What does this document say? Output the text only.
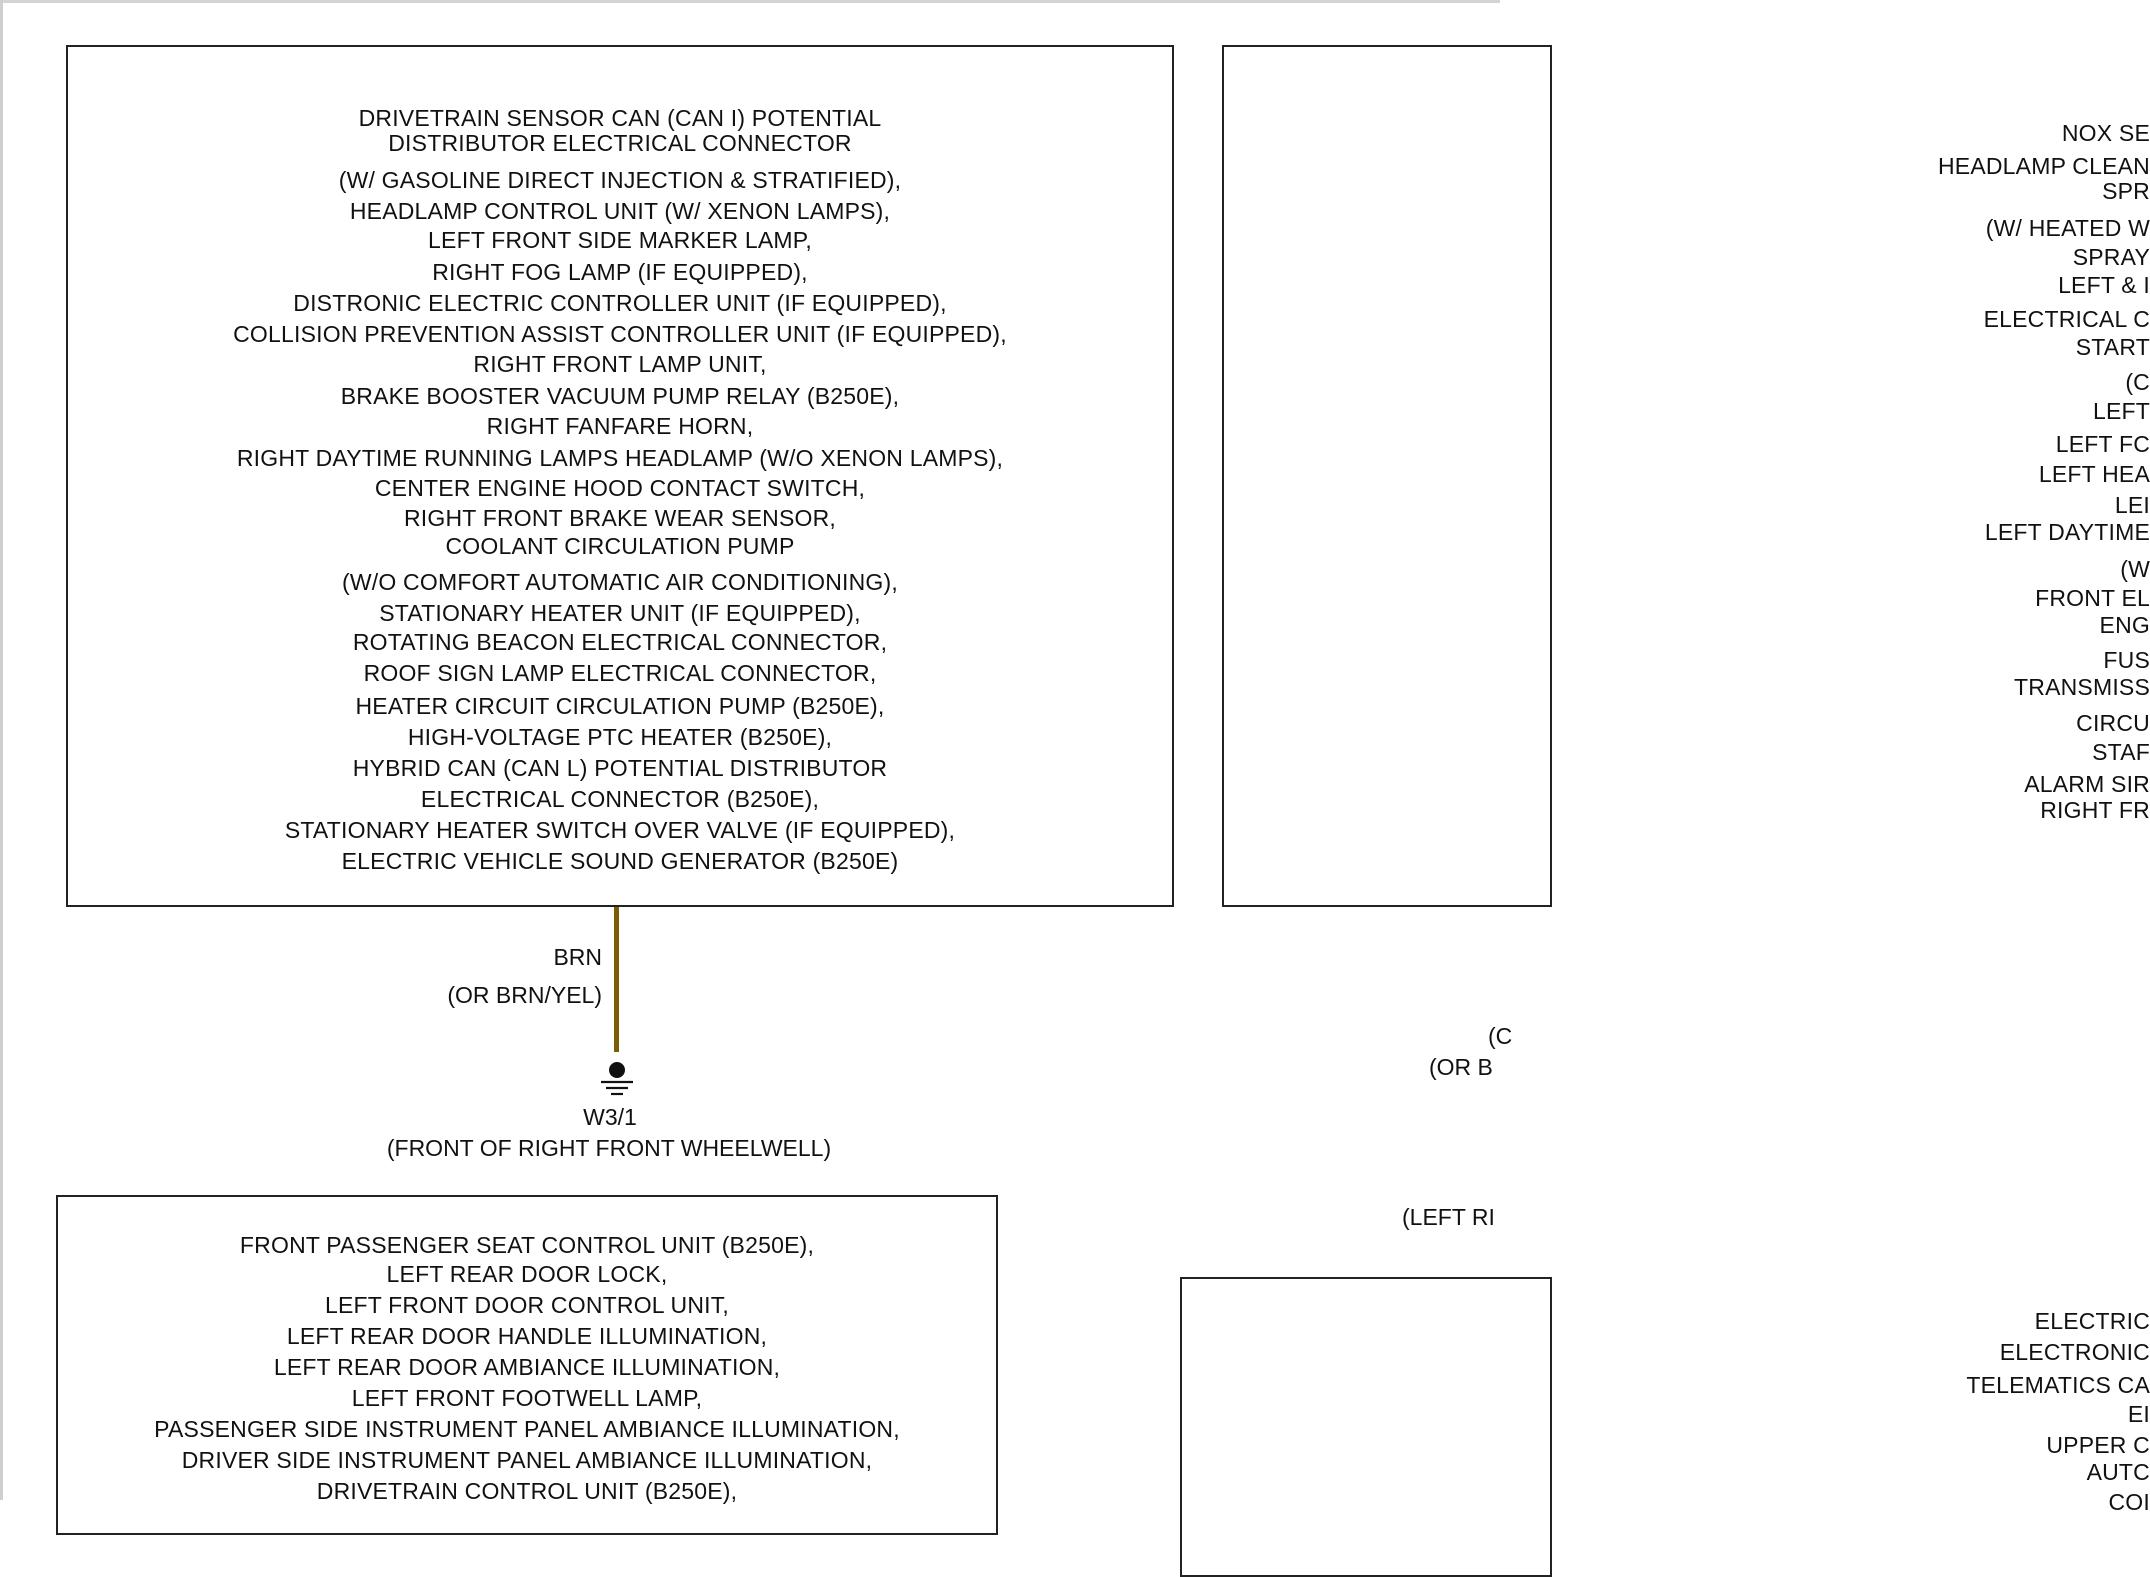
DRIVETRAIN SENSOR CAN (CAN I) POTENTIAL
DISTRIBUTOR ELECTRICAL CONNECTOR
(W/ GASOLINE DIRECT INJECTION & STRATIFIED),
HEADLAMP CONTROL UNIT (W/ XENON LAMPS),
LEFT FRONT SIDE MARKER LAMP,
RIGHT FOG LAMP (IF EQUIPPED),
DISTRONIC ELECTRIC CONTROLLER UNIT (IF EQUIPPED),
COLLISION PREVENTION ASSIST CONTROLLER UNIT (IF EQUIPPED),
RIGHT FRONT LAMP UNIT,
BRAKE BOOSTER VACUUM PUMP RELAY (B250E),
RIGHT FANFARE HORN,
RIGHT DAYTIME RUNNING LAMPS HEADLAMP (W/O XENON LAMPS),
CENTER ENGINE HOOD CONTACT SWITCH,
RIGHT FRONT BRAKE WEAR SENSOR,
COOLANT CIRCULATION PUMP
(W/O COMFORT AUTOMATIC AIR CONDITIONING),
STATIONARY HEATER UNIT (IF EQUIPPED),
ROTATING BEACON ELECTRICAL CONNECTOR,
ROOF SIGN LAMP ELECTRICAL CONNECTOR,
HEATER CIRCUIT CIRCULATION PUMP (B250E),
HIGH-VOLTAGE PTC HEATER (B250E),
HYBRID CAN (CAN L) POTENTIAL DISTRIBUTOR
ELECTRICAL CONNECTOR (B250E),
STATIONARY HEATER SWITCH OVER VALVE (IF EQUIPPED),
ELECTRIC VEHICLE SOUND GENERATOR (B250E)
BRN
(OR BRN/YEL)
W3/1
(FRONT OF RIGHT FRONT WHEELWELL)
FRONT PASSENGER SEAT CONTROL UNIT (B250E),
LEFT REAR DOOR LOCK,
LEFT FRONT DOOR CONTROL UNIT,
LEFT REAR DOOR HANDLE ILLUMINATION,
LEFT REAR DOOR AMBIANCE ILLUMINATION,
LEFT FRONT FOOTWELL LAMP,
PASSENGER SIDE INSTRUMENT PANEL AMBIANCE ILLUMINATION,
DRIVER SIDE INSTRUMENT PANEL AMBIANCE ILLUMINATION,
DRIVETRAIN CONTROL UNIT (B250E),
NOX SE
HEADLAMP CLEAN
SPR
(W/ HEATED W
SPRAY
LEFT & I
ELECTRICAL C
START
(C
LEFT
LEFT FC
LEFT HEA
LEI
LEFT DAYTIME
(W
FRONT EL
ENG
FUS
TRANSMISS
CIRCU
STAF
ALARM SIR
RIGHT FR
(C
(OR B
(LEFT RI
ELECTRIC
ELECTRONIC
TELEMATICS CA
EI
UPPER C
AUTC
COI
